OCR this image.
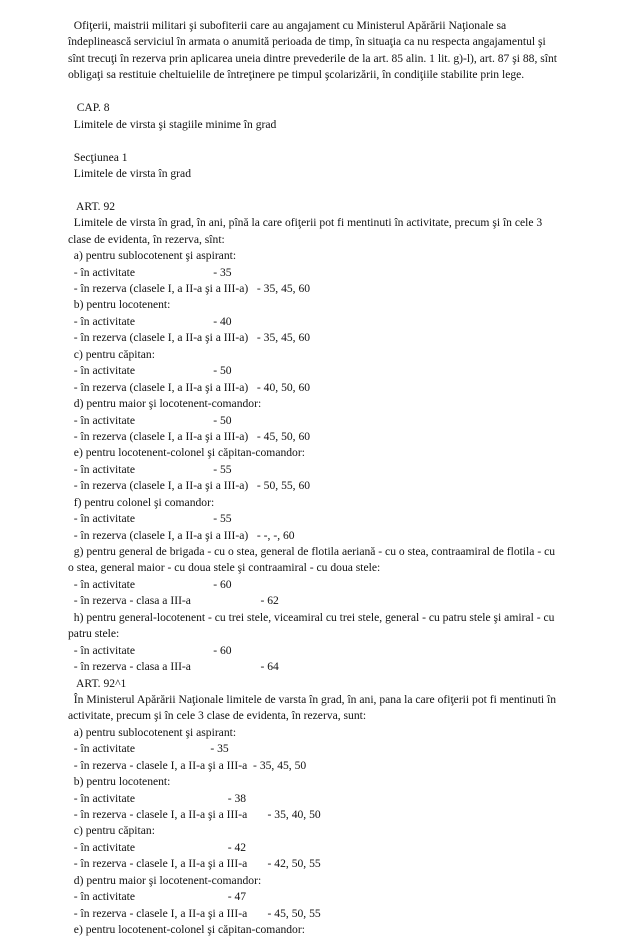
Ofiţerii, maistrii militari şi subofiterii care au angajament cu Ministerul Apărării Naţionale sa
îndeplinească serviciul în armata o anumită perioada de timp, în situaţia ca nu respecta angajamentul şi
sînt trecuţi în rezerva prin aplicarea uneia dintre prevederile de la art. 85 alin. 1 lit. g)-l), art. 87 şi 88, sînt
obligaţi sa restituie cheltuielile de întreţinere pe timpul şcolarizării, în condiţiile stabilite prin lege.
CAP. 8
Limitele de virsta şi stagiile minime în grad
Secţiunea 1
Limitele de virsta în grad
ART. 92
Limitele de virsta în grad, în ani, pînă la care ofiţerii pot fi mentinuti în activitate, precum şi în cele 3
clase de evidenta, în rezerva, sînt:
a) pentru sublocotenent şi aspirant:
- în activitate                           - 35
- în rezerva (clasele I, a II-a şi a III-a)   - 35, 45, 60
b) pentru locotenent:
- în activitate                           - 40
- în rezerva (clasele I, a II-a şi a III-a)   - 35, 45, 60
c) pentru căpitan:
- în activitate                           - 50
- în rezerva (clasele I, a II-a şi a III-a)   - 40, 50, 60
d) pentru maior şi locotenent-comandor:
- în activitate                           - 50
- în rezerva (clasele I, a II-a şi a III-a)   - 45, 50, 60
e) pentru locotenent-colonel şi căpitan-comandor:
- în activitate                           - 55
- în rezerva (clasele I, a II-a şi a III-a)   - 50, 55, 60
f) pentru colonel şi comandor:
- în activitate                           - 55
- în rezerva (clasele I, a II-a şi a III-a)   - -, -, 60
g) pentru general de brigada - cu o stea, general de flotila aeriană - cu o stea, contraamiral de flotila - cu
o stea, general maior - cu doua stele şi contraamiral - cu doua stele:
- în activitate                           - 60
- în rezerva - clasa a III-a                        - 62
h) pentru general-locotenent - cu trei stele, viceamiral cu trei stele, general - cu patru stele şi amiral - cu
patru stele:
- în activitate                           - 60
- în rezerva - clasa a III-a                        - 64
ART. 92^1
În Ministerul Apărării Naţionale limitele de varsta în grad, în ani, pana la care ofiţerii pot fi mentinuti în
activitate, precum şi în cele 3 clase de evidenta, în rezerva, sunt:
a) pentru sublocotenent şi aspirant:
- în activitate                          - 35
- în rezerva - clasele I, a II-a şi a III-a  - 35, 45, 50
b) pentru locotenent:
- în activitate                                - 38
- în rezerva - clasele I, a II-a şi a III-a       - 35, 40, 50
c) pentru căpitan:
- în activitate                                - 42
- în rezerva - clasele I, a II-a şi a III-a       - 42, 50, 55
d) pentru maior şi locotenent-comandor:
- în activitate                                - 47
- în rezerva - clasele I, a II-a şi a III-a       - 45, 50, 55
e) pentru locotenent-colonel şi căpitan-comandor:
